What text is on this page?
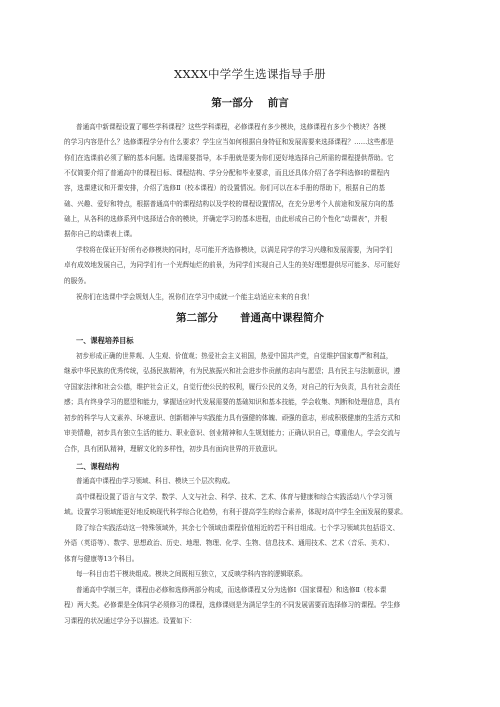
XXXX中学学生选课指导手册
第一部分    前言
普通高中新课程设置了哪些学科课程？这些学科课程，必修课程有多少模块，选修课程有多少个模块？各模
的学习内容是什么？选修课程学分有什么要求？学生应当如何根据自身特征和发展需要来选择课程？……这些都是
你们在选课前必须了解的基本问题。选课需要指导，本手册就是要为你们更好地选择自己所需的课程提供帮助。它
不仅简要介绍了普通高中的课程目标、课程结构、学分分配和毕业要求，而且还具体介绍了各学科选修Ⅰ的课程内
容，选课建议和开课安排，介绍了选修Ⅱ（校本课程）的设置情况。你们可以在本手册的帮助下，根据自己的基
础、兴趣、爱好和特点，根据普通高中的课程结构以及学校的课程设置情况，在充分思考个人前途和发展方向的基
础上，从各科的选修系列中选择适合你的模块，并确定学习的基本进程，由此形成自己的个性化“动课表”，并根
据你自己的动课表上课。
学校将在保证开好所有必修模块的同时，尽可能开齐选修模块，以满足同学的学习兴趣和发展需要，为同学们
卓有成效地发展自己，为同学们有一个光辉灿烂的前景，为同学们实现自己人生的美好理想提供尽可能多、尽可能好
的服务。
祝你们在选课中学会规划人生，祝你们在学习中成就一个能主动适应未来的自我！
第二部分      普通高中课程简介
一、课程培养目标
初步形成正确的世界观、人生观、价值观；热爱社会主义祖国，热爱中国共产党，自觉维护国家尊严和利益，
继承中华民族的优秀传统，弘扬民族精神，有为民族振兴和社会进步作贡献的志向与愿望；具有民主与法制意识，遵
守国家法律和社会公德，维护社会正义，自觉行使公民的权利，履行公民的义务，对自己的行为负责，具有社会责任
感；具有终身学习的愿望和能力，掌握适应时代发展需要的基础知识和基本技能，学会收集、判断和处理信息，具有
初步的科学与人文素养、环境意识、创新精神与实践能力具有强健的体魄、顽强的意志，形成积极健康的生活方式和
审美情趣，初步具有独立生活的能力、职业意识、创业精神和人生规划能力；正确认识自己，尊重他人，学会交流与
合作，具有团队精神，理解文化的多样性，初步具有面向世界的开放意识。
二、课程结构
普通高中课程由学习领域、科目、模块三个层次构成。
高中课程设置了语言与文学、数学、人文与社会、科学、技术、艺术、体育与健康和综合实践活动八个学习领
域。设置学习领域能更好地反映现代科学综合化趋势，有利于提高学生的综合素养，体现对高中学生全面发展的要求。
除了综合实践活动这一特殊领域外，其余七个领域由课程价值相近的若干科目组成。七个学习领域共包括语文、
外语（英语等）、数学、思想政治、历史、地理、物理、化学、生物、信息技术、通用技术、艺术（音乐、美术）、
体育与健康等13个科目。
每一科目由若干模块组成。模块之间既相互独立，又反映学科内容的逻辑联系。
普通高中学制三年，课程由必修和选修两部分构成，而选修课程又分为选修Ⅰ（国家课程）和选修Ⅱ（校本课
程）两大类。必修课是全体同学必须修习的课程，选修课则是为满足学生的不同发展需要而选择修习的课程。学生修
习课程的状况通过学分予以描述。设置如下：
